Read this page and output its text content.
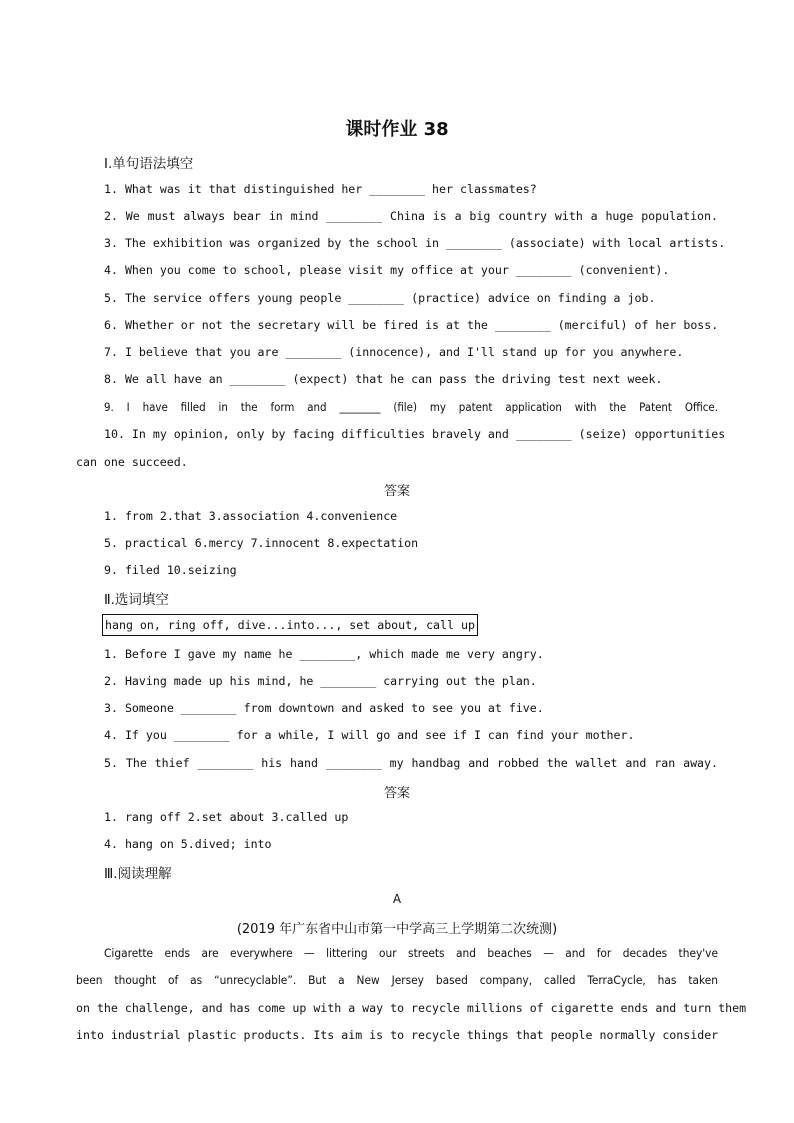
课时作业 38
Ⅰ.单句语法填空
1. What was it that distinguished her ________ her classmates?
2. We must always bear in mind ________ China is a big country with a huge population.
3. The exhibition was organized by the school in ________ (associate) with local artists.
4. When you come to school, please visit my office at your ________ (convenient).
5. The service offers young people ________ (practice) advice on finding a job.
6. Whether or not the secretary will be fired is at the ________ (merciful) of her boss.
7. I believe that you are ________ (innocence), and I'll stand up for you anywhere.
8. We all have an ________ (expect) that he can pass the driving test next week.
9. I have filled in the form and ________ (file) my patent application with the Patent Office.
10. In my opinion, only by facing difficulties bravely and ________ (seize) opportunities
can one succeed.
答案
1. from 2.that 3.association 4.convenience
5. practical 6.mercy 7.innocent 8.expectation
9. filed 10.seizing
Ⅱ.选词填空
hang on, ring off, dive...into..., set about, call up
1. Before I gave my name he ________, which made me very angry.
2. Having made up his mind, he ________ carrying out the plan.
3. Someone ________ from downtown and asked to see you at five.
4. If you ________ for a while, I will go and see if I can find your mother.
5. The thief ________ his hand ________ my handbag and robbed the wallet and ran away.
答案
1. rang off 2.set about 3.called up
4. hang on 5.dived; into
Ⅲ.阅读理解
A
(2019 年广东省中山市第一中学高三上学期第二次统测)
Cigarette ends are everywhere — littering our streets and beaches — and for decades they've
been thought of as “unrecyclable”. But a New Jersey based company, called TerraCycle, has taken
on the challenge, and has come up with a way to recycle millions of cigarette ends and turn them
into industrial plastic products. Its aim is to recycle things that people normally consider
